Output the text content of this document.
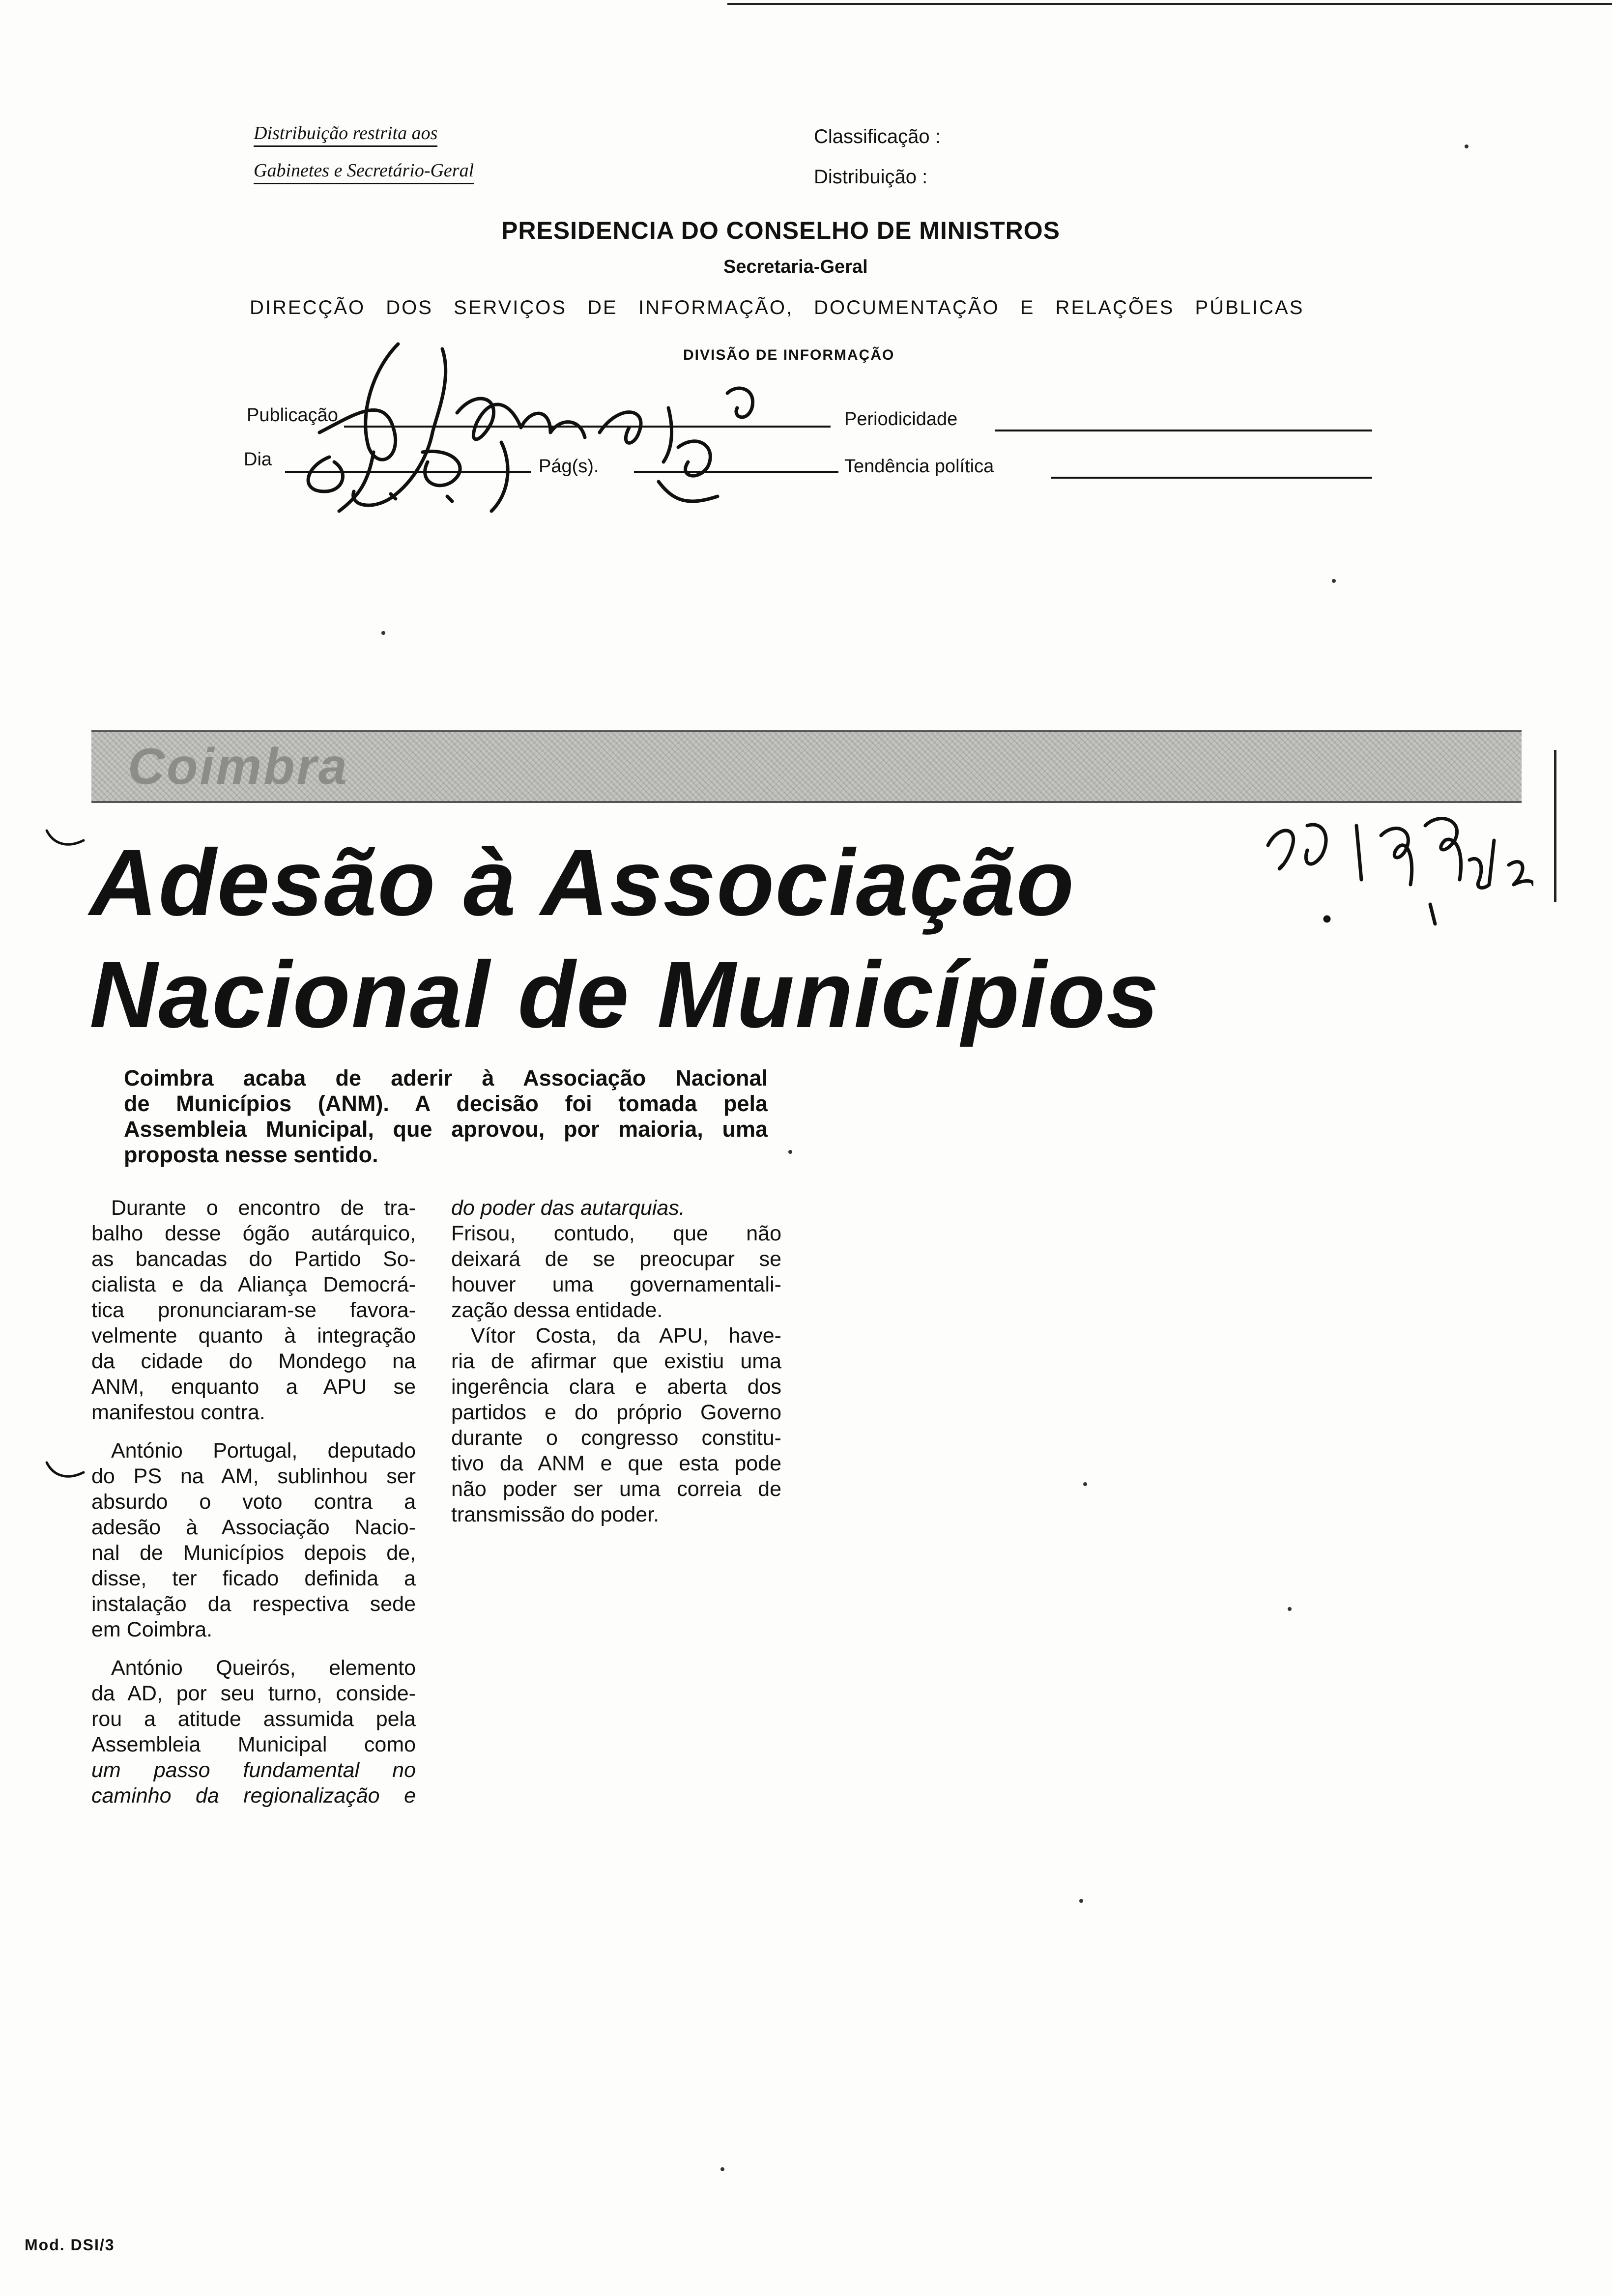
Distribuição restrita aos
Gabinetes e Secretário-Geral
Classificação :
Distribuição :
PRESIDENCIA DO CONSELHO DE MINISTROS
Secretaria-Geral
DIRECÇÃO DOS SERVIÇOS DE INFORMAÇÃO, DOCUMENTAÇÃO E RELAÇÕES PÚBLICAS
DIVISÃO DE INFORMAÇÃO
Publicação
Dia	Pág(s).
Periodicidade
Tendência política
Coimbra
Adesão à Associação
Nacional de Municípios
Coimbra acaba de aderir à Associação Nacional
de Municípios (ANM). A decisão foi tomada pela
Assembleia Municipal, que aprovou, por maioria, uma
proposta nesse sentido.
Durante o encontro de tra-
balho desse ógão autárquico,
as bancadas do Partido So-
cialista e da Aliança Democrá-
tica pronunciaram-se favora-
velmente quanto à integração
da cidade do Mondego na
ANM, enquanto a APU se
manifestou contra.
António Portugal, deputado
do PS na AM, sublinhou ser
absurdo o voto contra a
adesão à Associação Nacio-
nal de Municípios depois de,
disse, ter ficado definida a
instalação da respectiva sede
em Coimbra.
António Queirós, elemento
da AD, por seu turno, conside-
rou a atitude assumida pela
Assembleia Municipal como
um passo fundamental no
caminho da regionalização e
do poder das autarquias.
Frisou, contudo, que não
deixará de se preocupar se
houver uma governamentali-
zação dessa entidade.
Vítor Costa, da APU, have-
ria de afirmar que existiu uma
ingerência clara e aberta dos
partidos e do próprio Governo
durante o congresso constitu-
tivo da ANM e que esta pode
não poder ser uma correia de
transmissão do poder.
Mod. DSI/3
